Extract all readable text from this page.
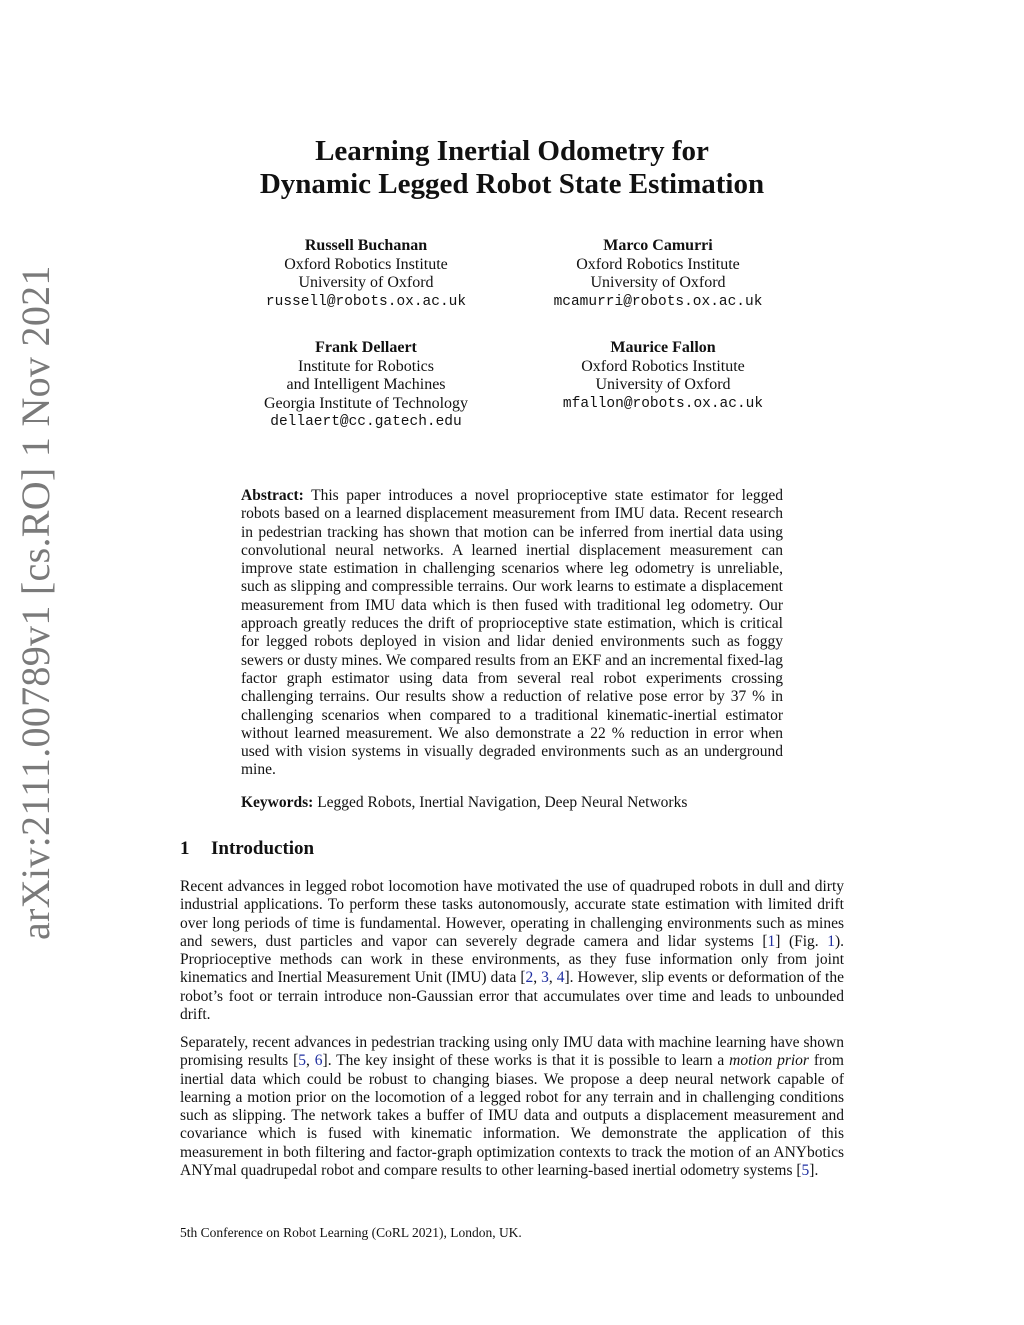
arXiv:2111.00789v1 [cs.RO] 1 Nov 2021
Learning Inertial Odometry for
Dynamic Legged Robot State Estimation
Russell Buchanan
Oxford Robotics Institute
University of Oxford
russell@robots.ox.ac.uk
Marco Camurri
Oxford Robotics Institute
University of Oxford
mcamurri@robots.ox.ac.uk
Frank Dellaert
Institute for Robotics
and Intelligent Machines
Georgia Institute of Technology
dellaert@cc.gatech.edu
Maurice Fallon
Oxford Robotics Institute
University of Oxford
mfallon@robots.ox.ac.uk

Abstract: This paper introduces a novel proprioceptive state estimator for legged robots based on a learned displacement measurement from IMU data. Recent research in pedestrian tracking has shown that motion can be inferred from inertial data using convolutional neural networks. A learned inertial displacement measurement can improve state estimation in challenging scenarios where leg odometry is unreliable, such as slipping and compressible terrains. Our work learns to estimate a displacement measurement from IMU data which is then fused with traditional leg odometry. Our approach greatly reduces the drift of proprioceptive state estimation, which is critical for legged robots deployed in vision and lidar denied environments such as foggy sewers or dusty mines. We compared results from an EKF and an incremental fixed-lag factor graph estimator using data from several real robot experiments crossing challenging terrains. Our results show a reduction of relative pose error by 37 % in challenging scenarios when compared to a traditional kinematic-inertial estimator without learned measurement. We also demonstrate a 22 % reduction in error when used with vision systems in visually degraded environments such as an underground mine.

Keywords: Legged Robots, Inertial Navigation, Deep Neural Networks

1 Introduction

Recent advances in legged robot locomotion have motivated the use of quadruped robots in dull and dirty industrial applications. To perform these tasks autonomously, accurate state estimation with limited drift over long periods of time is fundamental. However, operating in challenging environments such as mines and sewers, dust particles and vapor can severely degrade camera and lidar systems [1] (Fig. 1). Proprioceptive methods can work in these environments, as they fuse information only from joint kinematics and Inertial Measurement Unit (IMU) data [2, 3, 4]. However, slip events or deformation of the robot’s foot or terrain introduce non-Gaussian error that accumulates over time and leads to unbounded drift.

Separately, recent advances in pedestrian tracking using only IMU data with machine learning have shown promising results [5, 6]. The key insight of these works is that it is possible to learn a motion prior from inertial data which could be robust to changing biases. We propose a deep neural network capable of learning a motion prior on the locomotion of a legged robot for any terrain and in challenging conditions such as slipping. The network takes a buffer of IMU data and outputs a displacement measurement and covariance which is fused with kinematic information. We demonstrate the application of this measurement in both filtering and factor-graph optimization contexts to track the motion of an ANYbotics ANYmal quadrupedal robot and compare results to other learning-based inertial odometry systems [5].

5th Conference on Robot Learning (CoRL 2021), London, UK.
